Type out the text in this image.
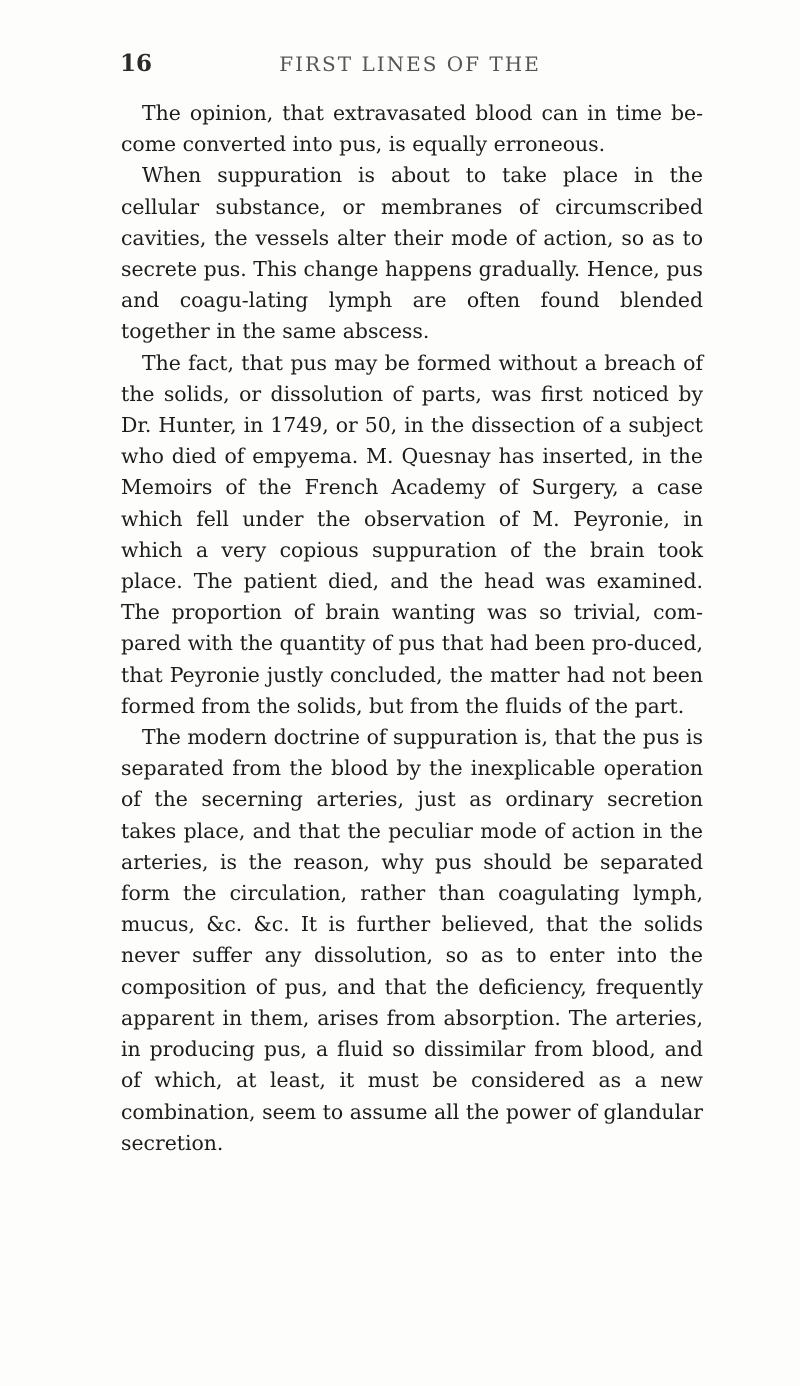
16	FIRST LINES OF THE

The opinion, that extravasated blood can in time be-come converted into pus, is equally erroneous.

When suppuration is about to take place in the cellular substance, or membranes of circumscribed cavities, the vessels alter their mode of action, so as to secrete pus. This change happens gradually. Hence, pus and coagu-lating lymph are often found blended together in the same abscess.

The fact, that pus may be formed without a breach of the solids, or dissolution of parts, was first noticed by Dr. Hunter, in 1749, or 50, in the dissection of a subject who died of empyema. M. Quesnay has inserted, in the Memoirs of the French Academy of Surgery, a case which fell under the observation of M. Peyronie, in which a very copious suppuration of the brain took place. The patient died, and the head was examined. The proportion of brain wanting was so trivial, com-pared with the quantity of pus that had been pro-duced, that Peyronie justly concluded, the matter had not been formed from the solids, but from the fluids of the part.

The modern doctrine of suppuration is, that the pus is separated from the blood by the inexplicable operation of the secerning arteries, just as ordinary secretion takes place, and that the peculiar mode of action in the arteries, is the reason, why pus should be separated form the circulation, rather than coagulating lymph, mucus, &c. &c. It is further believed, that the solids never suffer any dissolution, so as to enter into the composition of pus, and that the deficiency, frequently apparent in them, arises from absorption. The arteries, in producing pus, a fluid so dissimilar from blood, and of which, at least, it must be considered as a new combination, seem to assume all the power of glandular secretion.
